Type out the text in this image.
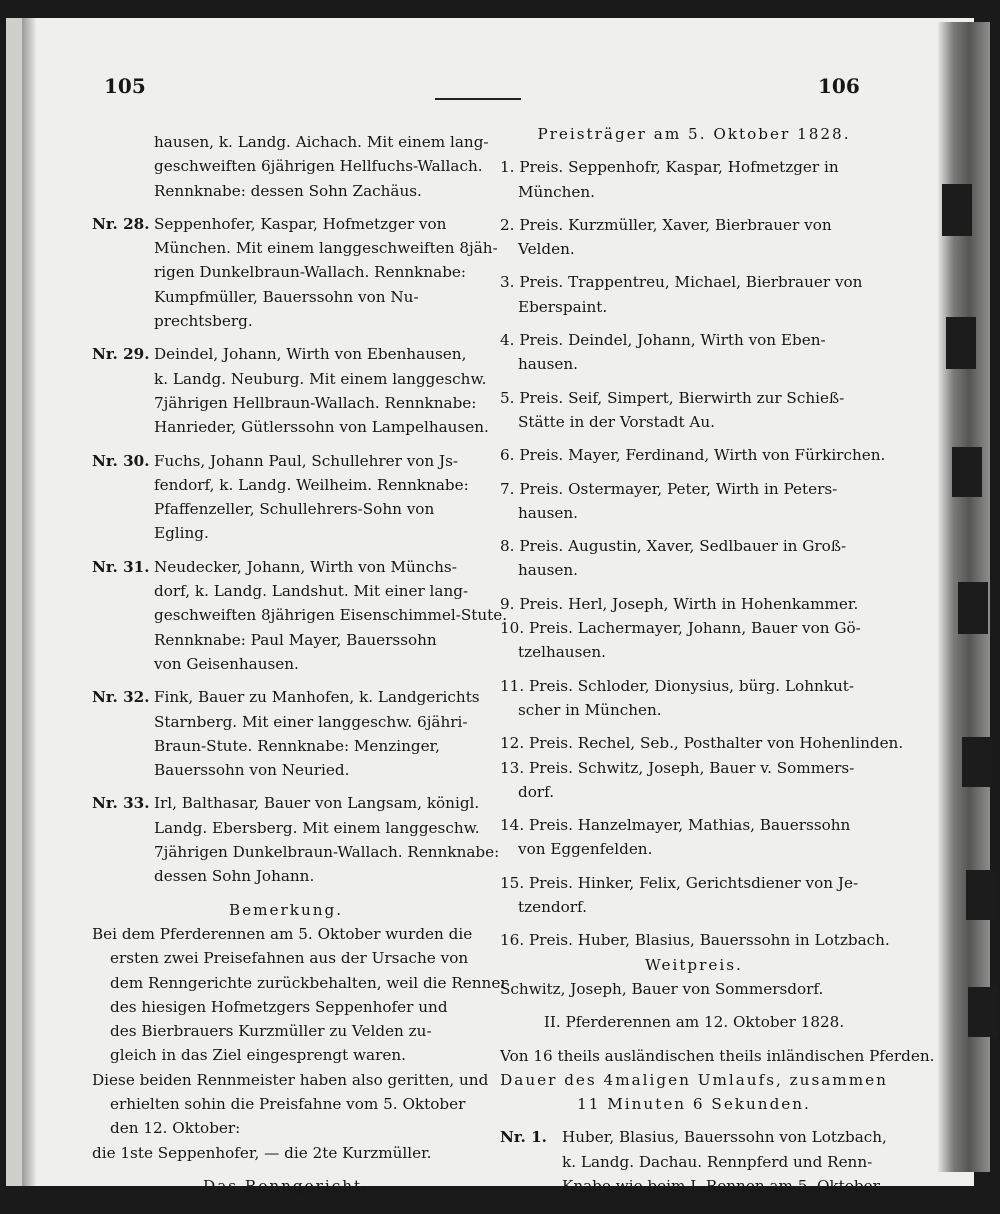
105
hausen, k. Landg. Aichach. Mit einem lang-
geschweiften 6jährigen Hellfuchs-Wallach.
Rennknabe: dessen Sohn Zachäus.
Nr. 28. Seppenhofer, Kaspar, Hofmetzger von
München. Mit einem langgeschweiften 8jäh-
rigen Dunkelbraun-Wallach. Rennknabe:
Kumpfmüller, Bauerssohn von Nu-
prechtsberg.
Nr. 29. Deindel, Johann, Wirth von Ebenhausen,
k. Landg. Neuburg. Mit einem langgeschw.
7jährigen Hellbraun-Wallach. Rennknabe:
Hanrieder, Gütlerssohn von Lampelhausen.
Nr. 30. Fuchs, Johann Paul, Schullehrer von Js-
fendorf, k. Landg. Weilheim. Rennknabe:
Pfaffenzeller, Schullehrers-Sohn von
Egling.
Nr. 31. Neudecker, Johann, Wirth von Münchs-
dorf, k. Landg. Landshut. Mit einer lang-
geschweiften 8jährigen Eisenschimmel-Stute.
Rennknabe: Paul Mayer, Bauerssohn
von Geisenhausen.
Nr. 32. Fink, Bauer zu Manhofen, k. Landgerichts
Starnberg. Mit einer langgeschw. 6jähri-
Braun-Stute. Rennknabe: Menzinger,
Bauerssohn von Neuried.
Nr. 33. Irl, Balthasar, Bauer von Langsam, königl.
Landg. Ebersberg. Mit einem langgeschw.
7jährigen Dunkelbraun-Wallach. Rennknabe:
dessen Sohn Johann.
Bemerkung.
Bei dem Pferderennen am 5. Oktober wurden die
ersten zwei Preisefahnen aus der Ursache von
dem Renngerichte zurückbehalten, weil die Renner
des hiesigen Hofmetzgers Seppenhofer und
des Bierbrauers Kurzmüller zu Velden zu-
gleich in das Ziel eingesprengt waren.
Diese beiden Rennmeister haben also geritten, und
erhielten sohin die Preisfahne vom 5. Oktober
den 12. Oktober:
die 1ste Seppenhofer, — die 2te Kurzmüller.
Das Renngericht.
106
Preisträger am 5. Oktober 1828.
1. Preis. Seppenhofr, Kaspar, Hofmetzger in
München.
2. Preis. Kurzmüller, Xaver, Bierbrauer von
Velden.
3. Preis. Trappentreu, Michael, Bierbrauer von
Eberspaint.
4. Preis. Deindel, Johann, Wirth von Eben-
hausen.
5. Preis. Seif, Simpert, Bierwirth zur Schieß-
Stätte in der Vorstadt Au.
6. Preis. Mayer, Ferdinand, Wirth von Fürkirchen.
7. Preis. Ostermayer, Peter, Wirth in Peters-
hausen.
8. Preis. Augustin, Xaver, Sedlbauer in Groß-
hausen.
9. Preis. Herl, Joseph, Wirth in Hohenkammer.
10. Preis. Lachermayer, Johann, Bauer von Gö-
tzelhausen.
11. Preis. Schloder, Dionysius, bürg. Lohnkut-
scher in München.
12. Preis. Rechel, Seb., Posthalter von Hohenlinden.
13. Preis. Schwitz, Joseph, Bauer v. Sommers-
dorf.
14. Preis. Hanzelmayer, Mathias, Bauerssohn
von Eggenfelden.
15. Preis. Hinker, Felix, Gerichtsdiener von Je-
tzendorf.
16. Preis. Huber, Blasius, Bauerssohn in Lotzbach.
Weitpreis.
Schwitz, Joseph, Bauer von Sommersdorf.
II. Pferderennen am 12. Oktober 1828.
Von 16 theils ausländischen theils inländischen Pferden.
Dauer des 4maligen Umlaufs, zusammen
11 Minuten 6 Sekunden.
Nr. 1. Huber, Blasius, Bauerssohn von Lotzbach,
k. Landg. Dachau. Rennpferd und Renn-
Knabe wie beim I. Rennen am 5. Oktober.
